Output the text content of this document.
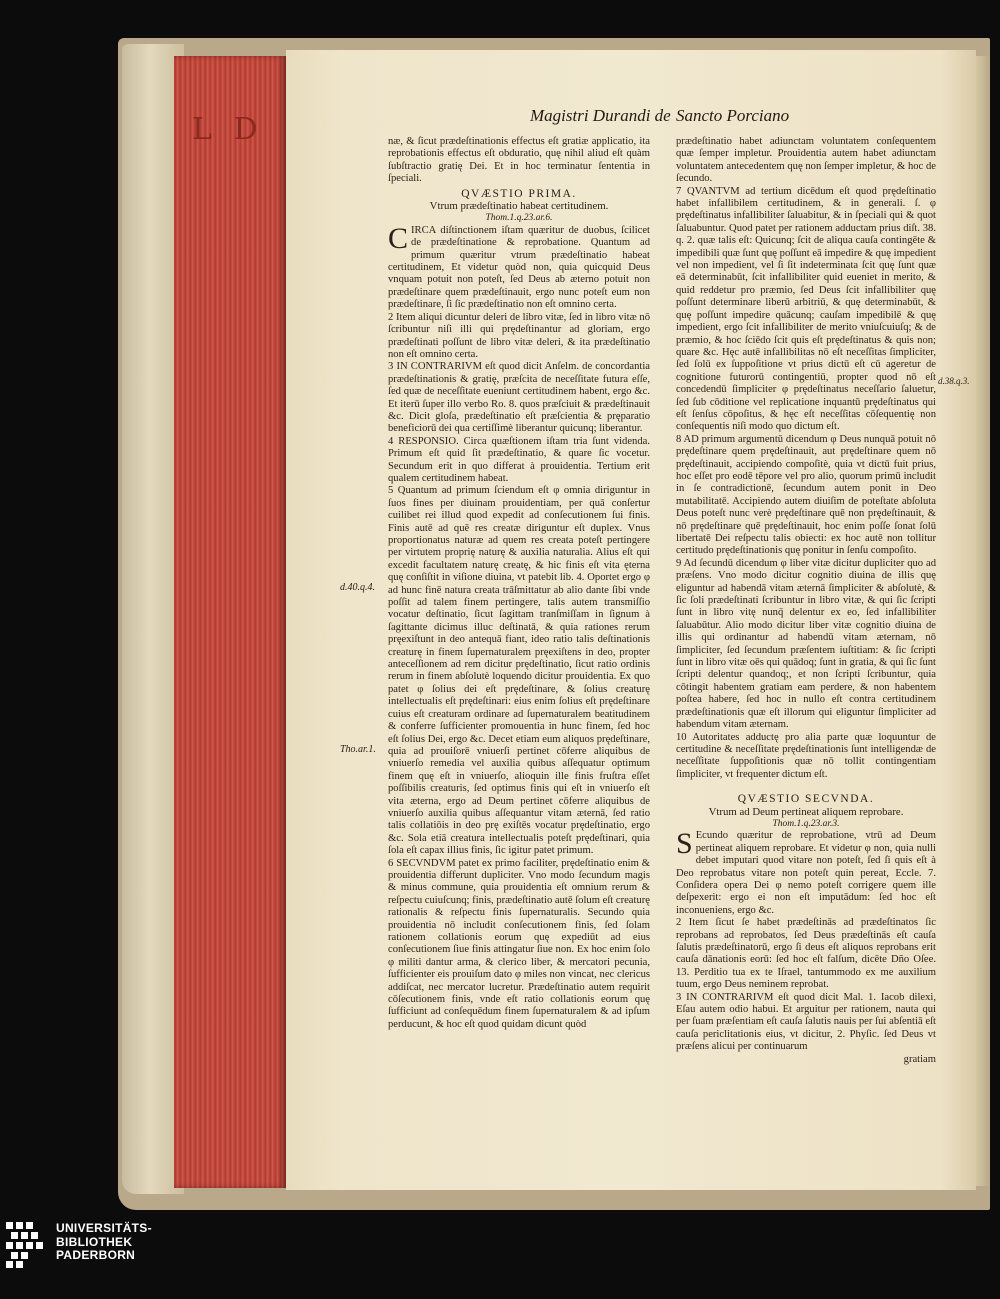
L D	Magistri Durandi de Sancto Porciano
d.40.q.4.
Tho.ar.1.
d.38.q.3.

næ, & ſicut prædeſtinationis effectus eſt gratiæ applicatio, ita reprobationis effectus eſt obduratio, quę nihil aliud eſt quàm ſubſtractio gratię Dei. Et in hoc terminatur ſententia in ſpeciali.

QVÆSTIO PRIMA.

Vtrum prædeſtinatio habeat certitudinem.

Thom.1.q.23.ar.6.

CIRCA diſtinctionem iſtam quæritur de duobus, ſcilicet de prædeſtinatione & reprobatione. Quantum ad primum quæritur vtrum prædeſtinatio habeat certitudinem, Et videtur quòd non, quia quicquid Deus vnquam potuit non poteſt, ſed Deus ab æterno potuit non prædeſtinare quem prædeſtinauit, ergo nunc poteſt eum non prædeſtinare, ſi ſic prædeſtinatio non eſt omnino certa.

2 Item aliqui dicuntur deleri de libro vitæ, ſed in libro vitæ nō ſcribuntur niſi illi qui prędeſtinantur ad gloriam, ergo prædeſtinati poſſunt de libro vitæ deleri, & ita prædeſtinatio non eſt omnino certa.

3 IN CONTRARIVM eſt quod dicit Anſelm. de concordantia prædeſtinationis & gratię, præſcita de neceſſitate futura eſſe, ſed quæ de neceſſitate eueniunt certitudinem habent, ergo &c. Et iterū ſuper illo verbo Ro. 8. quos præſciuit & prædeſtinauit &c. Dicit gloſa, prædeſtinatio eſt præſcientia & pręparatio beneficiorū dei qua certiſſimè liberantur quicunq; liberantur.

4 RESPONSIO. Circa quæſtionem iſtam tria ſunt videnda. Primum eſt quid ſit prædeſtinatio, & quare ſic vocetur. Secundum erit in quo differat à prouidentia. Tertium erit qualem certitudinem habeat.

5 Quantum ad primum ſciendum eſt φ omnia diriguntur in ſuos fines per diuinam prouidentiam, per quā conſertur cuilibet rei illud quod expedit ad conſecutionem ſui finis. Finis autē ad quē res creatæ diriguntur eſt duplex. Vnus proportionatus naturæ ad quem res creata poteſt pertingere per virtutem proprię naturę & auxilia naturalia. Alius eſt qui excedit facultatem naturę creatę, & hic finis eſt vita ęterna quę conſiſtit in viſione diuina, vt patebit lib. 4. Oportet ergo φ ad hunc finē natura creata trāſmittatur ab alio dante ſibi vnde poſſit ad talem finem pertingere, talis autem transmiſſio vocatur deſtinatio, ſicut ſagittam tranſmiſſam in ſignum à ſagittante dicimus illuc deſtinatā, & quia rationes rerum pręexiſtunt in deo antequā fiant, ideo ratio talis deſtinationis creaturę in finem ſupernaturalem pręexiſtens in deo, propter anteceſſionem ad rem dicitur prędeſtinatio, ſicut ratio ordinis rerum in finem abſolutè loquendo dicitur prouidentia. Ex quo patet φ ſolius dei eſt prędeſtinare, & ſolius creaturę intellectualis eſt prędeſtinari: eius enim ſolius eſt prędeſtinare cuius eſt creaturam ordinare ad ſupernaturalem beatitudinem & conferre ſufficienter promouentia in hunc finem, ſed hoc eſt ſolius Dei, ergo &c. Decet etiam eum aliquos prędeſtinare, quia ad prouiſorē vniuerſi pertinet cōferre aliquibus de vniuerſo remedia vel auxilia quibus aſſequatur optimum finem quę eſt in vniuerſo, alioquin ille finis fruſtra eſſet poſſibilis creaturis, ſed optimus finis qui eſt in vniuerſo eſt vita æterna, ergo ad Deum pertinet cōferre aliquibus de vniuerſo auxilia quibus aſſequantur vitam æternā, ſed ratio talis collatiōis in deo prę exiſtēs vocatur prędeſtinatio, ergo &c. Sola etiā creatura intellectualis poteſt prędeſtinari, quia ſola eſt capax illius finis, ſic igitur patet primum.

6 SECVNDVM patet ex primo faciliter, prędeſtinatio enim & prouidentia differunt dupliciter. Vno modo ſecundum magis & minus commune, quia prouidentia eſt omnium rerum & reſpectu cuiuſcunq; finis, prædeſtinatio autē ſolum eſt creaturę rationalis & reſpectu finis ſupernaturalis. Secundo quia prouidentia nō includit conſecutionem finis, ſed ſolam rationem collationis eorum quę expediūt ad eius conſecutionem ſiue finis attingatur ſiue non. Ex hoc enim ſolo φ militi dantur arma, & clerico liber, & mercatori pecunia, ſufficienter eis prouiſum dato φ miles non vincat, nec clericus addiſcat, nec mercator lucretur. Prædeſtinatio autem requirit cōſecutionem finis, vnde eſt ratio collationis eorum quę ſufficiunt ad conſequēdum finem ſupernaturalem & ad ipſum perducunt, & hoc eſt quod quidam dicunt quòd

prædeſtinatio habet adiunctam voluntatem conſequentem quæ ſemper impletur. Prouidentia autem habet adiunctam voluntatem antecedentem quę non ſemper impletur, & hoc de ſecundo.

7 QVANTVM ad tertium dicēdum eſt quod prędeſtinatio habet infallibilem certitudinem, & in generali. ſ. φ prędeſtinatus infallibiliter ſaluabitur, & in ſpeciali qui & quot ſaluabuntur. Quod patet per rationem adductam prius diſt. 38. q. 2. quæ talis eſt: Quicunq; ſcit de aliqua cauſa contingēte & impedibili quæ ſunt quę poſſunt eā impedire & quę impedient vel non impedient, vel ſi ſit indeterminata ſcit quę ſunt quæ eā determinabūt, ſcit infallibiliter quid eueniet in merito, & quid reddetur pro præmio, ſed Deus ſcit infallibiliter quę poſſunt determinare liberū arbitriū, & quę determinabūt, & quę poſſunt impedire quācunq; cauſam impedibilē & quę impedient, ergo ſcit infallibiliter de merito vniuſcuiuſq; & de præmio, & hoc ſciēdo ſcit quis eſt prędeſtinatus & quis non; quare &c. Hęc autē infallibilitas nō eſt neceſſitas ſimpliciter, ſed ſolū ex ſuppoſitione vt prius dictū eſt cū ageretur de cognitione futurorū contingentiū, propter quod nō eſt concedendū ſimpliciter φ prędeſtinatus neceſſario ſaluetur, ſed ſub cōditione vel replicatione inquantū prędeſtinatus qui eſt ſenſus cōpoſitus, & hęc eſt neceſſitas cōſequentię non conſequentis niſi modo quo dictum eſt.

8 AD primum argumentū dicendum φ Deus nunquā potuit nō prędeſtinare quem prędeſtinauit, aut prędeſtinare quem nō prędeſtinauit, accipiendo compoſitè, quia vt dictū fuit prius, hoc eſſet pro eodē tēpore vel pro alio, quorum primū includit in ſe contradictionē, ſecundum autem ponit in Deo mutabilitatē. Accipiendo autem diuiſim de poteſtate abſoluta Deus poteſt nunc verè prędeſtinare quē non prędeſtinauit, & nō prędeſtinare quē prędeſtinauit, hoc enim poſſe ſonat ſolū libertatē Dei reſpectu talis obiecti: ex hoc autē non tollitur certitudo prędeſtinationis quę ponitur in ſenſu compoſito.

9 Ad ſecundū dicendum φ liber vitæ dicitur dupliciter quo ad præſens. Vno modo dicitur cognitio diuina de illis quę eliguntur ad habendā vitam æternā ſimpliciter & abſolutè, & ſic ſoli prædeſtinati ſcribuntur in libro vitæ, & qui ſic ſcripti ſunt in libro vitę nunq̄ delentur ex eo, ſed infallibiliter ſaluabūtur. Alio modo dicitur liber vitæ cognitio diuina de illis qui ordinantur ad habendū vitam æternam, nō ſimpliciter, ſed ſecundum præſentem iuſtitiam: & ſic ſcripti ſunt in libro vitæ oēs qui quādoq; ſunt in gratia, & qui ſic ſunt ſcripti delentur quandoq;, et non ſcripti ſcribuntur, quia cōtingit habentem gratiam eam perdere, & non habentem poſtea habere, ſed hoc in nullo eſt contra certitudinem prædeſtinationis quæ eſt illorum qui eliguntur ſimpliciter ad habendum vitam æternam.

10 Autoritates adductę pro alia parte quæ loquuntur de certitudine & neceſſitate prędeſtinationis ſunt intelligendæ de neceſſitate ſuppoſitionis quæ nō tollit contingentiam ſimpliciter, vt frequenter dictum eſt.

QVÆSTIO SECVNDA.

Vtrum ad Deum pertineat aliquem reprobare.

Thom.1.q.23.ar.3.

S Ecundo quæritur de reprobatione, vtrū ad Deum pertineat aliquem reprobare. Et videtur φ non, quia nulli debet imputari quod vitare non poteſt, ſed ſi quis eſt à Deo reprobatus vitare non poteſt quin pereat, Eccle. 7. Conſidera opera Dei φ nemo poteſt corrigere quem ille deſpexerit: ergo ei non eſt imputādum: ſed hoc eſt inconueniens, ergo &c.

2 Item ſicut ſe habet prædeſtinās ad prædeſtinatos ſic reprobans ad reprobatos, ſed Deus prædeſtinās eſt cauſa ſalutis prædeſtinatorū, ergo ſi deus eſt aliquos reprobans erit cauſa dānationis eorū: ſed hoc eſt falſum, dicēte Dño Oſee. 13. Perditio tua ex te Iſrael, tantummodo ex me auxilium tuum, ergo Deus neminem reprobat.

3 IN CONTRARIVM eſt quod dicit Mal. 1. Iacob dilexi, Eſau autem odio habui. Et arguitur per rationem, nauta qui per ſuam præſentiam eſt cauſa ſalutis nauis per ſui abſentiā eſt cauſa periclitationis eius, vt dicitur, 2. Phyſic. ſed Deus vt præſens alicui per continuarum

gratiam

UNIVERSITÄTS-
BIBLIOTHEK
PADERBORN
